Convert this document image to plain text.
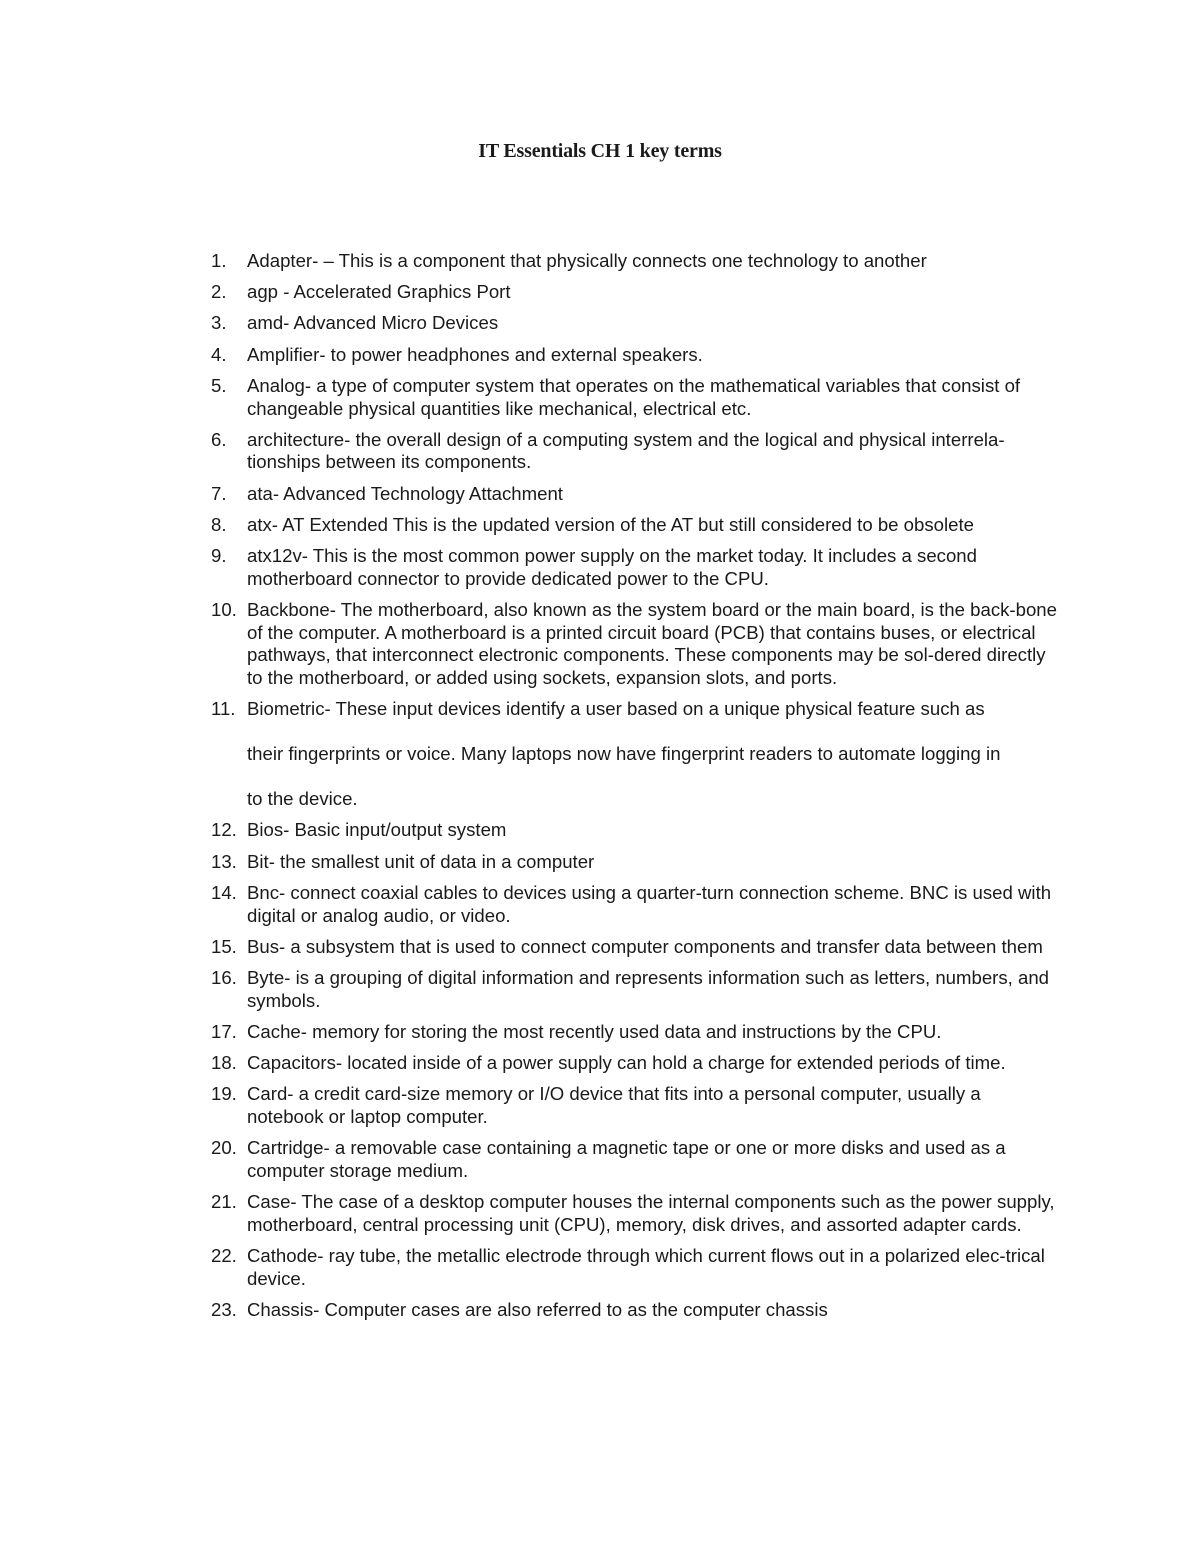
IT Essentials CH 1 key terms
1.	Adapter- – This is a component that physically connects one technology to another
2.	agp - Accelerated Graphics Port
3.	amd- Advanced Micro Devices
4.	Amplifier- to power headphones and external speakers.
5.	Analog- a type of computer system that operates on the mathematical variables that consist of changeable physical quantities like mechanical, electrical etc.
6.	architecture- the overall design of a computing system and the logical and physical interrela-tionships between its components.
7.	ata- Advanced Technology Attachment
8.	atx- AT Extended This is the updated version of the AT but still considered to be obsolete
9.	atx12v- This is the most common power supply on the market today. It includes a second motherboard connector to provide dedicated power to the CPU.
10. Backbone- The motherboard, also known as the system board or the main board, is the back-bone of the computer. A motherboard is a printed circuit board (PCB) that contains buses, or electrical pathways, that interconnect electronic components. These components may be sol-dered directly to the motherboard, or added using sockets, expansion slots, and ports.
11. Biometric- These input devices identify a user based on a unique physical feature such as
their fingerprints or voice. Many laptops now have fingerprint readers to automate logging in
to the device.
12. Bios- Basic input/output system
13. Bit- the smallest unit of data in a computer
14. Bnc- connect coaxial cables to devices using a quarter-turn connection scheme. BNC is used with digital or analog audio, or video.
15. Bus- a subsystem that is used to connect computer components and transfer data between them
16. Byte- is a grouping of digital information and represents information such as letters, numbers, and symbols.
17. Cache- memory for storing the most recently used data and instructions by the CPU.
18. Capacitors- located inside of a power supply can hold a charge for extended periods of time.
19. Card- a credit card-size memory or I/O device that fits into a personal computer, usually a notebook or laptop computer.
20. Cartridge- a removable case containing a magnetic tape or one or more disks and used as a computer storage medium.
21. Case- The case of a desktop computer houses the internal components such as the power supply, motherboard, central processing unit (CPU), memory, disk drives, and assorted adapter cards.
22. Cathode- ray tube, the metallic electrode through which current flows out in a polarized elec-trical device.
23. Chassis- Computer cases are also referred to as the computer chassis
